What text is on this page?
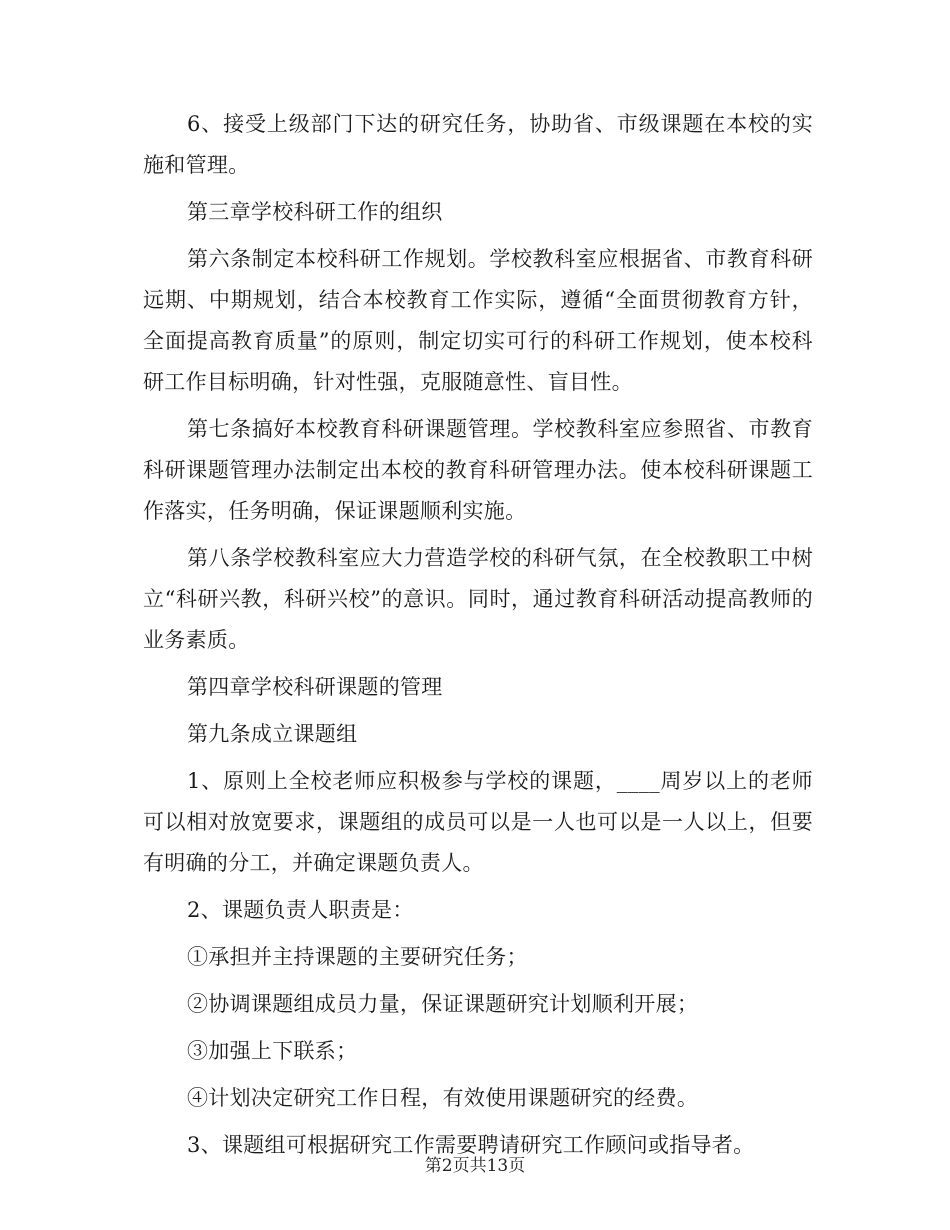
6、接受上级部门下达的研究任务，协助省、市级课题在本校的实施和管理。

第三章学校科研工作的组织

第六条制定本校科研工作规划。学校教科室应根据省、市教育科研远期、中期规划，结合本校教育工作实际，遵循“全面贯彻教育方针，全面提高教育质量”的原则，制定切实可行的科研工作规划，使本校科研工作目标明确，针对性强，克服随意性、盲目性。

第七条搞好本校教育科研课题管理。学校教科室应参照省、市教育科研课题管理办法制定出本校的教育科研管理办法。使本校科研课题工作落实，任务明确，保证课题顺利实施。

第八条学校教科室应大力营造学校的科研气氛，在全校教职工中树立“科研兴教，科研兴校”的意识。同时，通过教育科研活动提高教师的业务素质。

第四章学校科研课题的管理

第九条成立课题组

1、原则上全校老师应积极参与学校的课题，____周岁以上的老师可以相对放宽要求，课题组的成员可以是一人也可以是一人以上，但要有明确的分工，并确定课题负责人。

2、课题负责人职责是：

①承担并主持课题的主要研究任务；

②协调课题组成员力量，保证课题研究计划顺利开展；

③加强上下联系；

④计划决定研究工作日程，有效使用课题研究的经费。

3、课题组可根据研究工作需要聘请研究工作顾问或指导者。

第2页共13页
